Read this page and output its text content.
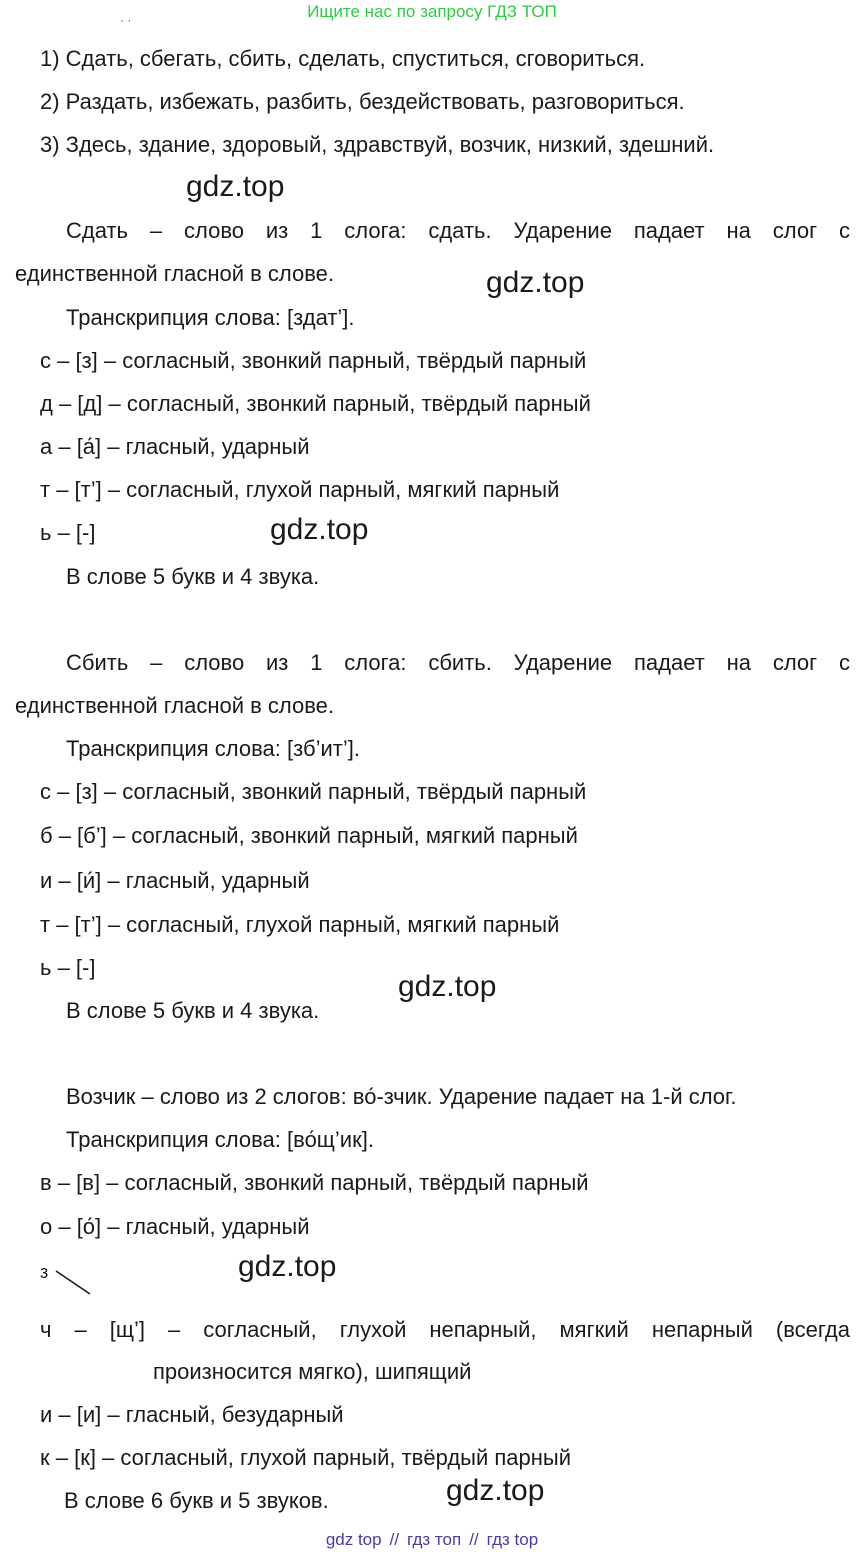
Ищите нас по запросу ГДЗ ТОП
· ·
1) Сдать, сбегать, сбить, сделать, спуститься, сговориться.
2) Раздать, избежать, разбить, бездействовать, разговориться.
3) Здесь, здание, здоровый, здравствуй, возчик, низкий, здешний.
gdz.top
Сдать – слово из 1 слога: сдать. Ударение падает на слог с
единственной гласной в слове.	gdz.top
Транскрипция слова: [здат’].
с – [з] – согласный, звонкий парный, твёрдый парный
д – [д] – согласный, звонкий парный, твёрдый парный
а – [а́] – гласный, ударный
т – [т’] – согласный, глухой парный, мягкий парный
ь – [-]	gdz.top
В слове 5 букв и 4 звука.
Сбить – слово из 1 слога: сбить. Ударение падает на слог с
единственной гласной в слове.
Транскрипция слова: [зб’ит’].
с – [з] – согласный, звонкий парный, твёрдый парный
б – [б’] – согласный, звонкий парный, мягкий парный
и – [и́] – гласный, ударный
т – [т’] – согласный, глухой парный, мягкий парный
ь – [-]
gdz.top
В слове 5 букв и 4 звука.
Возчик – слово из 2 слогов: во́-зчик. Ударение падает на 1-й слог.
Транскрипция слова: [во́щ’ик].
в – [в] – согласный, звонкий парный, твёрдый парный
о – [о́] – гласный, ударный
з	gdz.top
ч – [щ’] – согласный, глухой непарный, мягкий непарный (всегда
произносится мягко), шипящий
и – [и] – гласный, безударный
к – [к] – согласный, глухой парный, твёрдый парный
В слове 6 букв и 5 звуков.	gdz.top
gdz top // гдз топ // гдз top
